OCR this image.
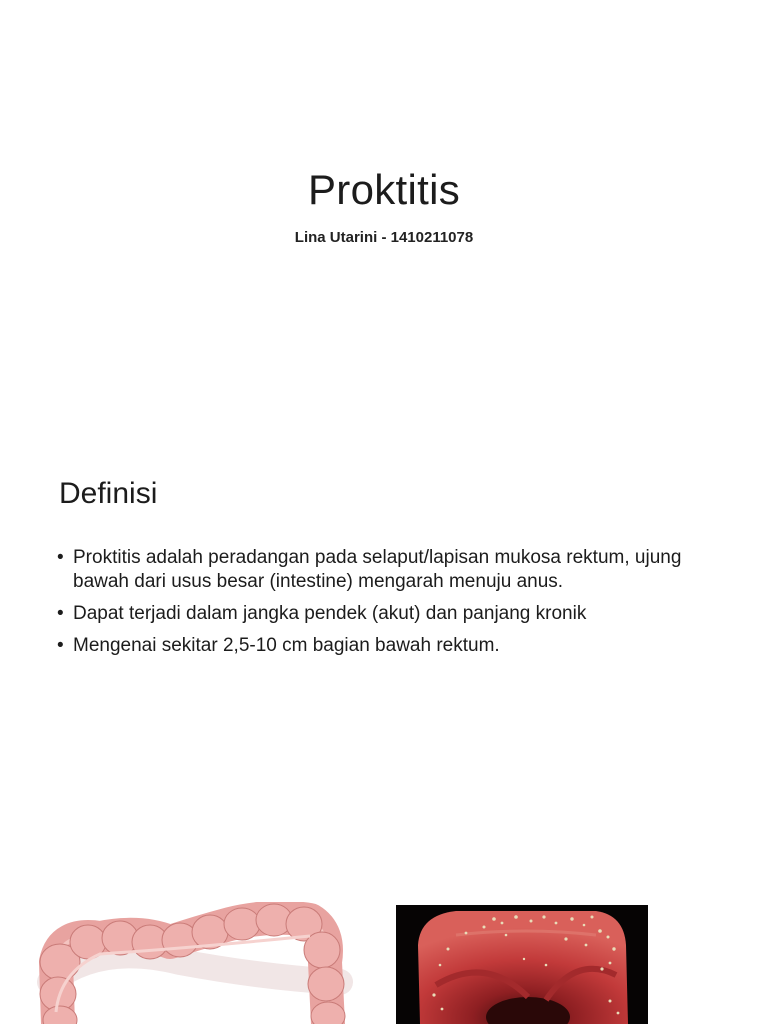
Proktitis

Lina Utarini - 1410211078

Definisi
• Proktitis adalah peradangan pada selaput/lapisan mukosa rektum, ujung bawah dari usus besar (intestine) mengarah menuju anus.
• Dapat terjadi dalam jangka pendek (akut) dan panjang kronik
• Mengenai sekitar 2,5-10 cm bagian bawah rektum.
